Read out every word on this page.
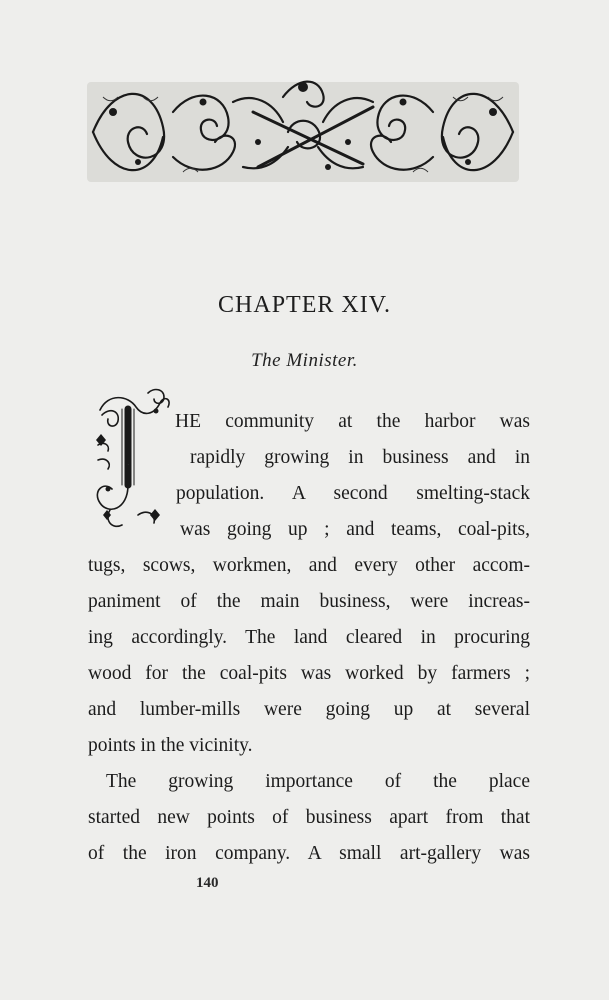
CHAPTER XIV.
The Minister.
T
HE community at the harbor was
rapidly growing in business and in
population. A second smelting-stack
was going up ; and teams, coal-pits,
tugs, scows, workmen, and every other accom-
paniment of the main business, were increas-
ing accordingly. The land cleared in procuring
wood for the coal-pits was worked by farmers ;
and lumber-mills were going up at several
points in the vicinity.
The growing importance of the place
started new points of business apart from that
of the iron company. A small art-gallery was
140
